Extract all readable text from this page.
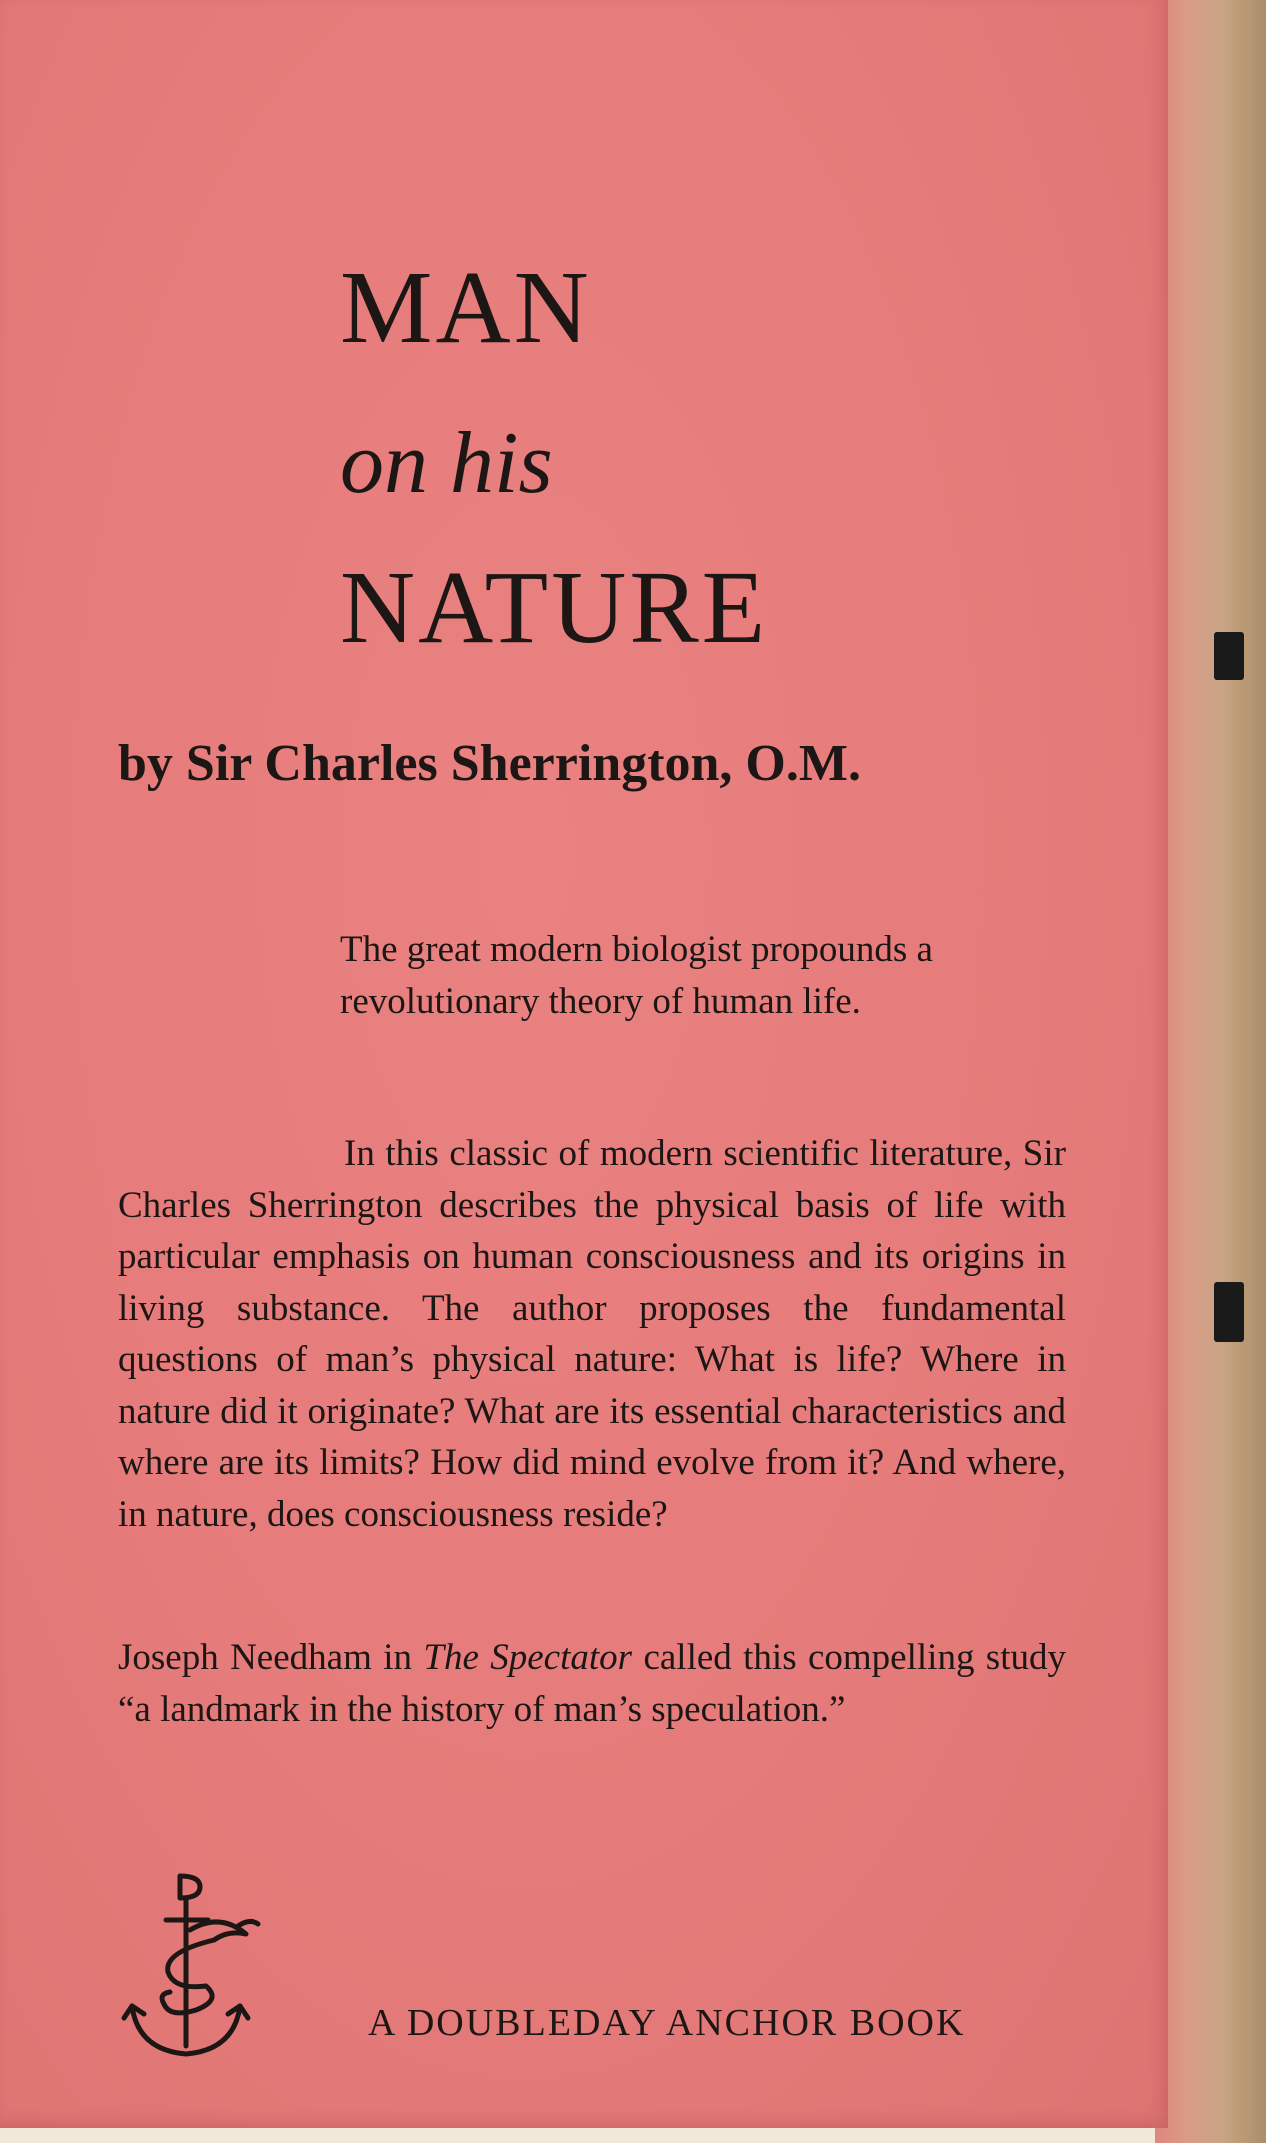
MAN
on his
NATURE

by Sir Charles Sherrington, O.M.

The great modern biologist propounds a revolutionary theory of human life.

In this classic of modern scientific literature, Sir Charles Sherrington describes the physical basis of life with particular emphasis on human consciousness and its origins in living substance. The author proposes the fundamental questions of man’s physical nature: What is life? Where in nature did it originate? What are its essential characteristics and where are its limits? How did mind evolve from it? And where, in nature, does consciousness reside?

Joseph Needham in The Spectator called this compelling study “a landmark in the history of man’s speculation.”

A DOUBLEDAY ANCHOR BOOK
